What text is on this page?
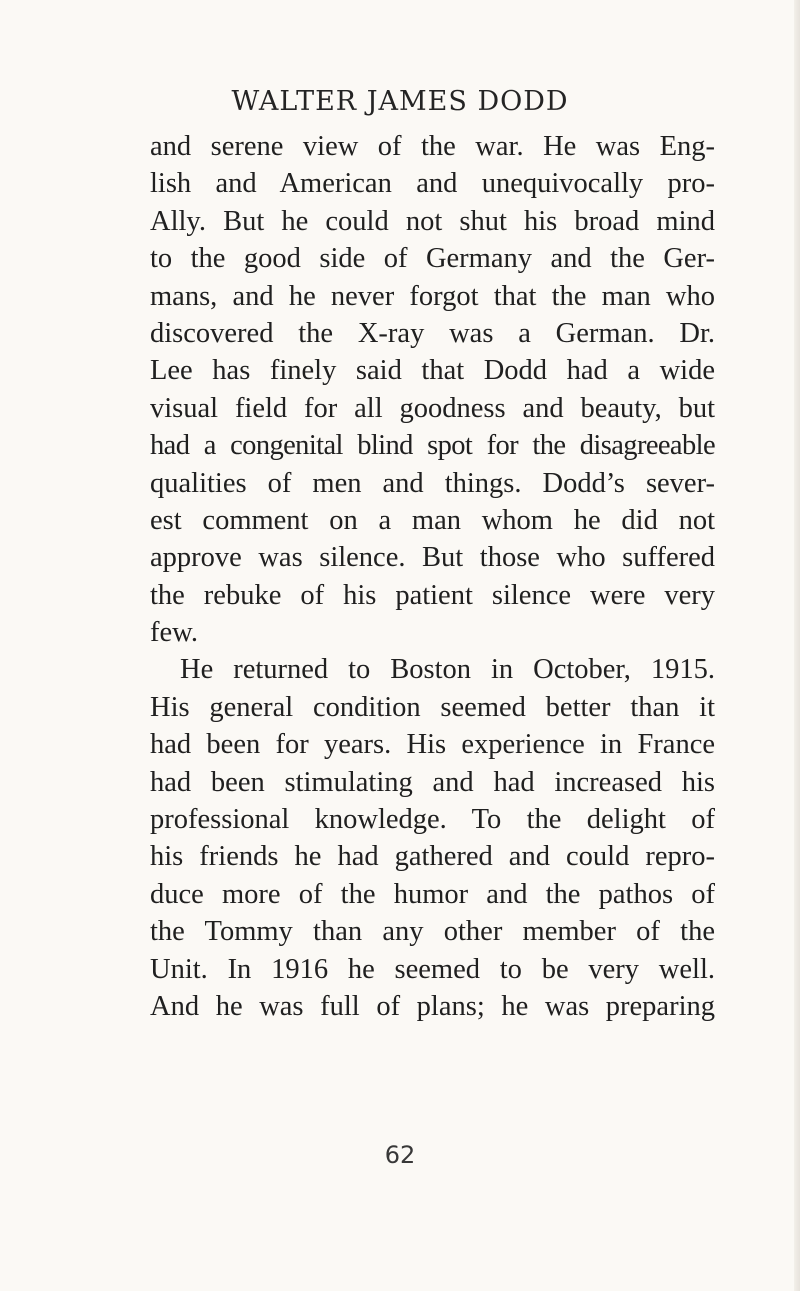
WALTER JAMES DODD
and serene view of the war. He was Eng-
lish and American and unequivocally pro-
Ally. But he could not shut his broad mind
to the good side of Germany and the Ger-
mans, and he never forgot that the man who
discovered the X-ray was a German. Dr.
Lee has finely said that Dodd had a wide
visual field for all goodness and beauty, but
had a congenital blind spot for the disagreeable
qualities of men and things. Dodd’s sever-
est comment on a man whom he did not
approve was silence. But those who suffered
the rebuke of his patient silence were very
few.
He returned to Boston in October, 1915.
His general condition seemed better than it
had been for years. His experience in France
had been stimulating and had increased his
professional knowledge. To the delight of
his friends he had gathered and could repro-
duce more of the humor and the pathos of
the Tommy than any other member of the
Unit. In 1916 he seemed to be very well.
And he was full of plans; he was preparing
62
